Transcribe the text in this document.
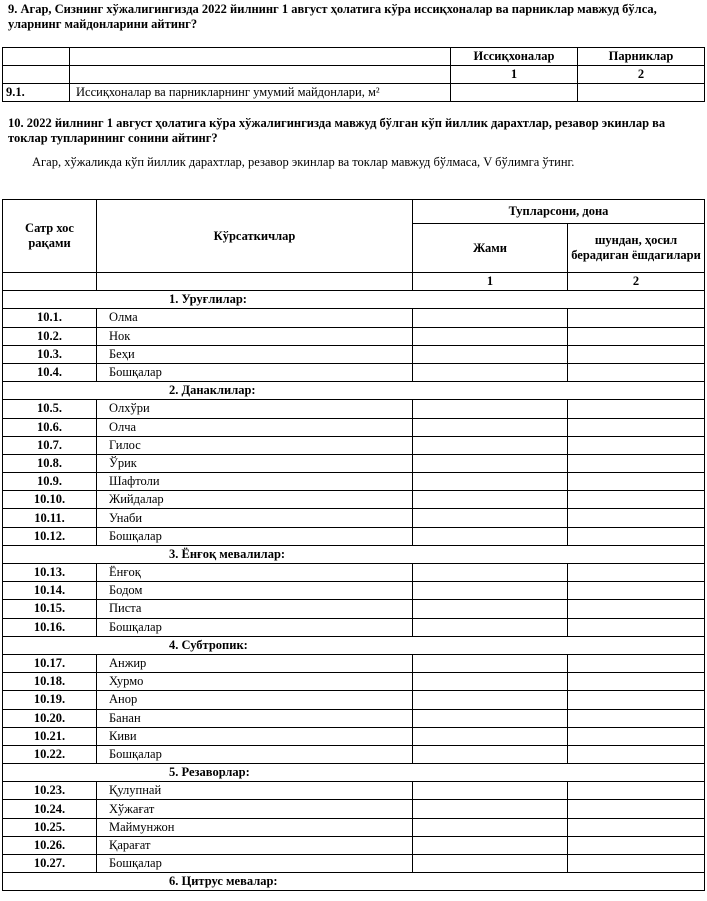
9. Агар, Сизнинг хўжалигингизда 2022 йилнинг 1 август ҳолатига кўра иссиқхоналар ва парниклар мавжуд бўлса, уларнинг майдонларини айтинг?
		Иссиқхоналар	Парниклар
		1	2
9.1.	Иссиқхоналар ва парникларнинг умумий майдонлари, м²		
10. 2022 йилнинг 1 август ҳолатига кўра хўжалигингизда мавжуд бўлган кўп йиллик дарахтлар, резавор экинлар ва токлар тупларининг сонини айтинг?
Агар, хўжаликда кўп йиллик дарахтлар, резавор экинлар ва токлар мавжуд бўлмаса, V бўлимга ўтинг.
Сатр хос рақами	Кўрсаткичлар	Тупларсони, дона	
		Жами	шундан, ҳосил берадиган ёшдагилари
		1	2
1. Уруғлилар:			
10.1.	Олма		
10.2.	Нок		
10.3.	Беҳи		
10.4.	Бошқалар		
2. Данаклилар:			
10.5.	Олхўри		
10.6.	Олча		
10.7.	Гилос		
10.8.	Ўрик		
10.9.	Шафтоли		
10.10.	Жийдалар		
10.11.	Унаби		
10.12.	Бошқалар		
3. Ёнғоқ мевалилар:			
10.13.	Ёнғоқ		
10.14.	Бодом		
10.15.	Писта		
10.16.	Бошқалар		
4. Субтропик:			
10.17.	Анжир		
10.18.	Хурмо		
10.19.	Анор		
10.20.	Банан		
10.21.	Киви		
10.22.	Бошқалар		
5. Резаворлар:			
10.23.	Қулупнай		
10.24.	Хўжағат		
10.25.	Маймунжон		
10.26.	Қарағат		
10.27.	Бошқалар		
6. Цитрус мевалар:			
